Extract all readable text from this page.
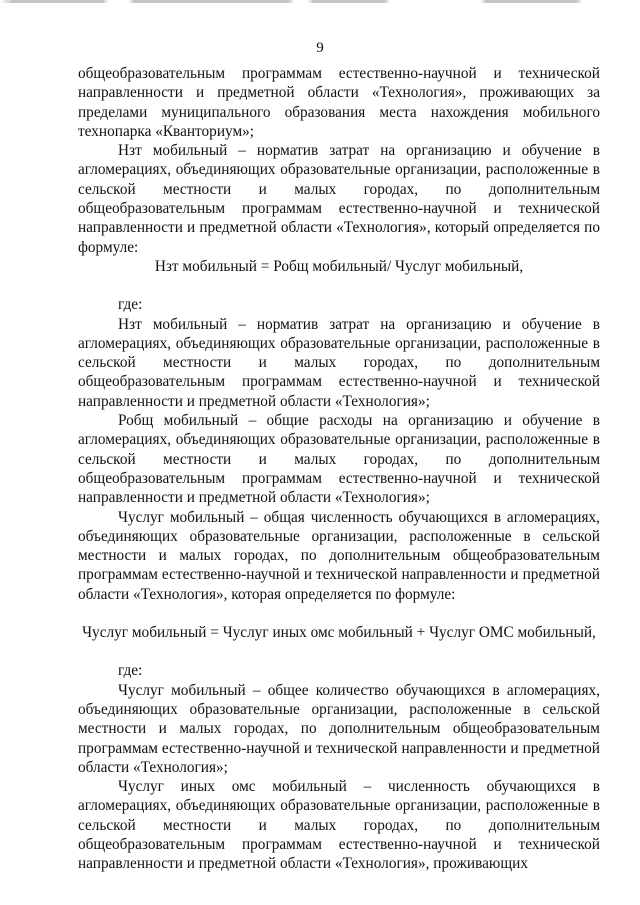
9

общеобразовательным программам естественно-научной и технической направленности и предметной области «Технология», проживающих за пределами муниципального образования места нахождения мобильного технопарка «Кванториум»;

Нзт мобильный – норматив затрат на организацию и обучение в агломерациях, объединяющих образовательные организации, расположенные в сельской местности и малых городах, по дополнительным общеобразовательным программам естественно-научной и технической направленности и предметной области «Технология», который определяется по формуле:

Нзт мобильный = Робщ мобильный/ Чуслуг мобильный,

где:

Нзт мобильный – норматив затрат на организацию и обучение в агломерациях, объединяющих образовательные организации, расположенные в сельской местности и малых городах, по дополнительным общеобразовательным программам естественно-научной и технической направленности и предметной области «Технология»;

Робщ мобильный – общие расходы на организацию и обучение в агломерациях, объединяющих образовательные организации, расположенные в сельской местности и малых городах, по дополнительным общеобразовательным программам естественно-научной и технической направленности и предметной области «Технология»;

Чуслуг мобильный – общая численность обучающихся в агломерациях, объединяющих образовательные организации, расположенные в сельской местности и малых городах, по дополнительным общеобразовательным программам естественно-научной и технической направленности и предметной области «Технология», которая определяется по формуле:

Чуслуг мобильный = Чуслуг иных омс мобильный + Чуслуг ОМС мобильный,

где:

Чуслуг мобильный – общее количество обучающихся в агломерациях, объединяющих образовательные организации, расположенные в сельской местности и малых городах, по дополнительным общеобразовательным программам естественно-научной и технической направленности и предметной области «Технология»;

Чуслуг иных омс мобильный – численность обучающихся в агломерациях, объединяющих образовательные организации, расположенные в сельской местности и малых городах, по дополнительным общеобразовательным программам естественно-научной и технической направленности и предметной области «Технология», проживающих
